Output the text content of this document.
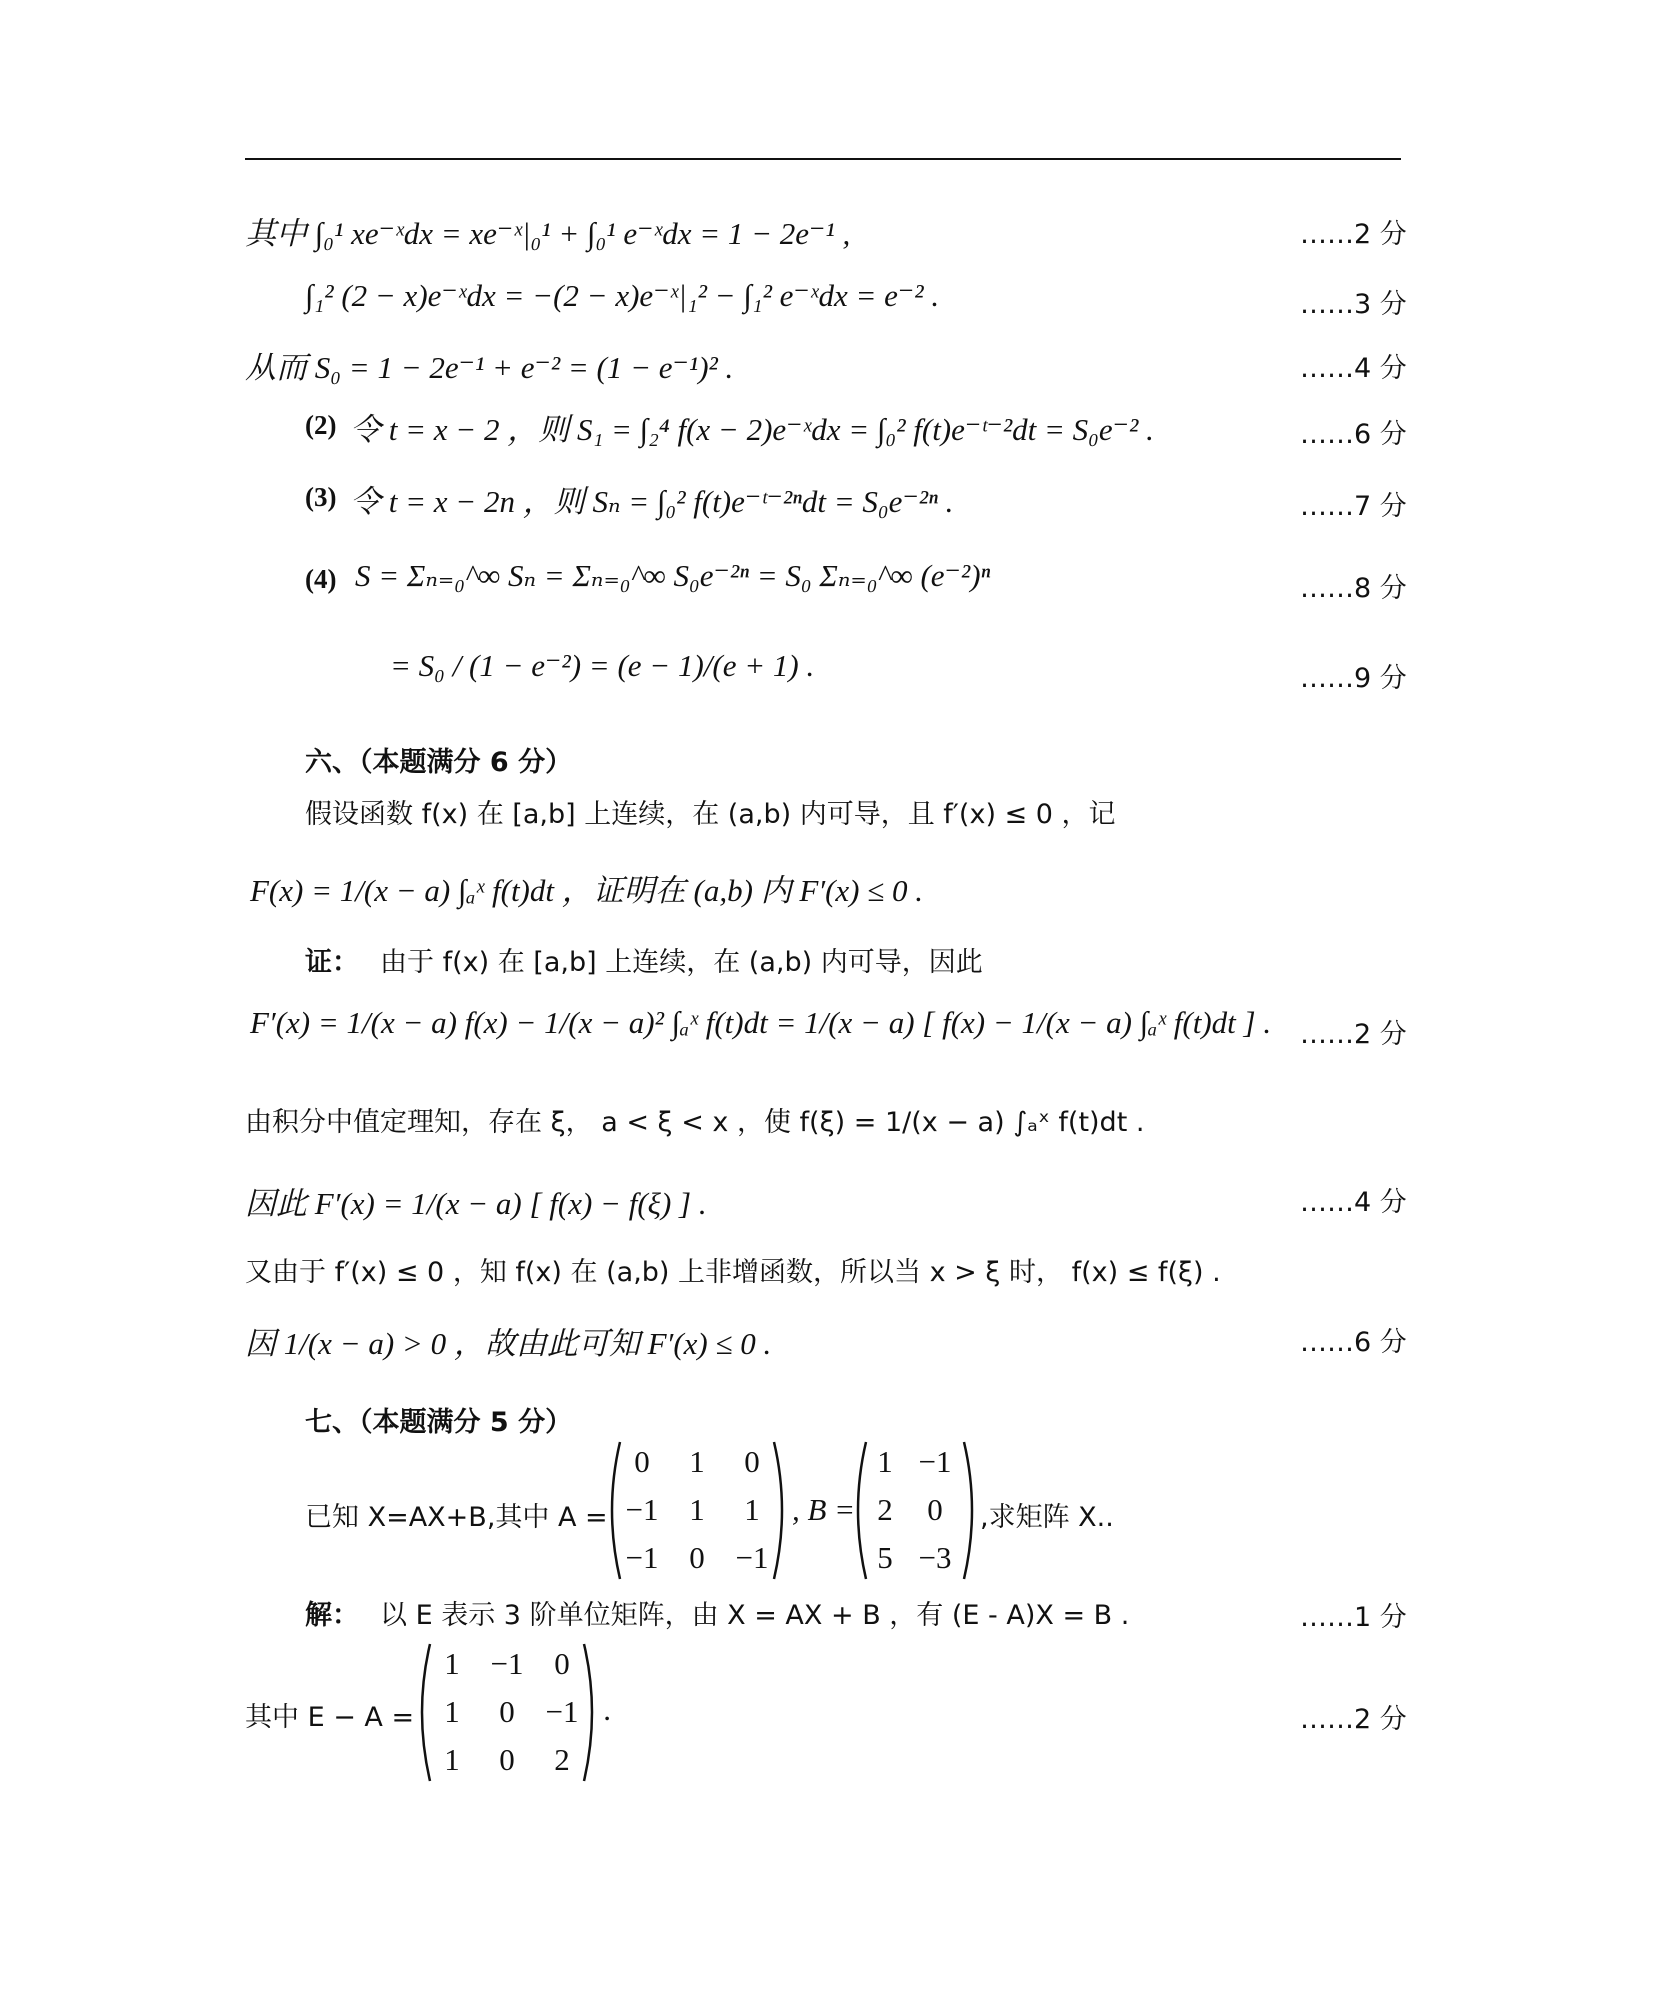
其中 ∫₀¹ xe⁻ˣdx = xe⁻ˣ|₀¹ + ∫₀¹ e⁻ˣdx = 1 − 2e⁻¹ ,	……2 分
∫₁² (2 − x)e⁻ˣdx = −(2 − x)e⁻ˣ|₁² − ∫₁² e⁻ˣdx = e⁻² .	……3 分
从而 S₀ = 1 − 2e⁻¹ + e⁻² = (1 − e⁻¹)² .	……4 分
(2) 令 t = x − 2 ，则 S₁ = ∫₂⁴ f(x − 2)e⁻ˣdx = ∫₀² f(t)e⁻ᵗ⁻²dt = S₀e⁻² .	……6 分
(3) 令 t = x − 2n ，则 Sₙ = ∫₀² f(t)e⁻ᵗ⁻²ⁿdt = S₀e⁻²ⁿ .	……7 分
(4) S = Σₙ₌₀^∞ Sₙ = Σₙ₌₀^∞ S₀e⁻²ⁿ = S₀ Σₙ₌₀^∞ (e⁻²)ⁿ	……8 分
= S₀ / (1 − e⁻²) = (e − 1)/(e + 1) .	……9 分
六、（本题满分 6 分）
假设函数 f(x) 在 [a,b] 上连续，在 (a,b) 内可导，且 f′(x) ≤ 0 ，记
F(x) = 1/(x − a) ∫ₐˣ f(t)dt ，证明在 (a,b) 内 F′(x) ≤ 0 .
证： 由于 f(x) 在 [a,b] 上连续，在 (a,b) 内可导，因此
F′(x) = 1/(x − a) f(x) − 1/(x − a)² ∫ₐˣ f(t)dt = 1/(x − a) [ f(x) − 1/(x − a) ∫ₐˣ f(t)dt ] . ……2 分
由积分中值定理知，存在 ξ， a < ξ < x ，使 f(ξ) = 1/(x − a) ∫ₐˣ f(t)dt .
因此 F′(x) = 1/(x − a) [ f(x) − f(ξ) ] .	……4 分
又由于 f′(x) ≤ 0 ，知 f(x) 在 (a,b) 上非增函数，所以当 x > ξ 时， f(x) ≤ f(ξ) .
因 1/(x − a) > 0 ，故由此可知 F′(x) ≤ 0 .	……6 分
七、（本题满分 5 分）
已知 X=AX+B,其中 A =
0	1	0
−1 1	1
−1 0 −1
, B =
1 −1
2	0
5 −3
,求矩阵 X..
解： 以 E 表示 3 阶单位矩阵，由 X = AX + B ，有 (E - A)X = B .	……1 分
其中 E − A =
1 −1 0
1	0 −1
1	0	2
.	……2 分
